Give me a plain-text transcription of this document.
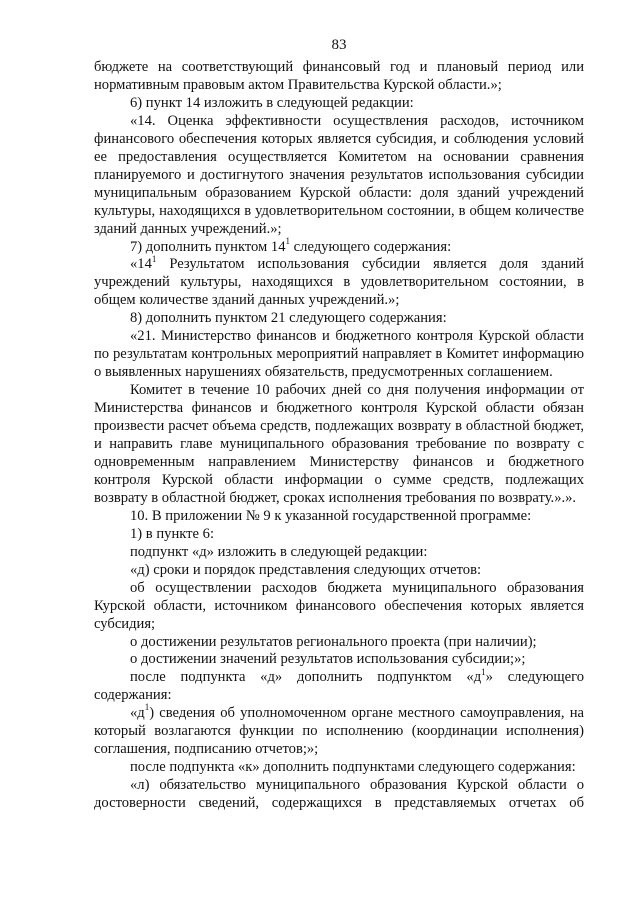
83

бюджете на соответствующий финансовый год и плановый период или нормативным правовым актом Правительства Курской области.»;

6) пункт 14 изложить в следующей редакции:

«14. Оценка эффективности осуществления расходов, источником финансового обеспечения которых является субсидия, и соблюдения условий ее предоставления осуществляется Комитетом на основании сравнения планируемого и достигнутого значения результатов использования субсидии муниципальным образованием Курской области: доля зданий учреждений культуры, находящихся в удовлетворительном состоянии, в общем количестве зданий данных учреждений.»;

7) дополнить пунктом $14^1$ следующего содержания:

«$14^1$ Результатом использования субсидии является доля зданий учреждений культуры, находящихся в удовлетворительном состоянии, в общем количестве зданий данных учреждений.»;

8) дополнить пунктом 21 следующего содержания:

«21. Министерство финансов и бюджетного контроля Курской области по результатам контрольных мероприятий направляет в Комитет информацию о выявленных нарушениях обязательств, предусмотренных соглашением.

Комитет в течение 10 рабочих дней со дня получения информации от Министерства финансов и бюджетного контроля Курской области обязан произвести расчет объема средств, подлежащих возврату в областной бюджет, и направить главе муниципального образования требование по возврату с одновременным направлением Министерству финансов и бюджетного контроля Курской области информации о сумме средств, подлежащих возврату в областной бюджет, сроках исполнения требования по возврату.».».

10. В приложении № 9 к указанной государственной программе:

1) в пункте 6:

подпункт «д» изложить в следующей редакции:

«д) сроки и порядок представления следующих отчетов:

об осуществлении расходов бюджета муниципального образования Курской области, источником финансового обеспечения которых является субсидия;

о достижении результатов регионального проекта (при наличии);

о достижении значений результатов использования субсидии;»;

после подпункта «д» дополнить подпунктом «$д^1$» следующего содержания:

«$д^1$) сведения об уполномоченном органе местного самоуправления, на который возлагаются функции по исполнению (координации исполнения) соглашения, подписанию отчетов;»;

после подпункта «к» дополнить подпунктами следующего содержания:

«л) обязательство муниципального образования Курской области о достоверности сведений, содержащихся в представляемых отчетах об
